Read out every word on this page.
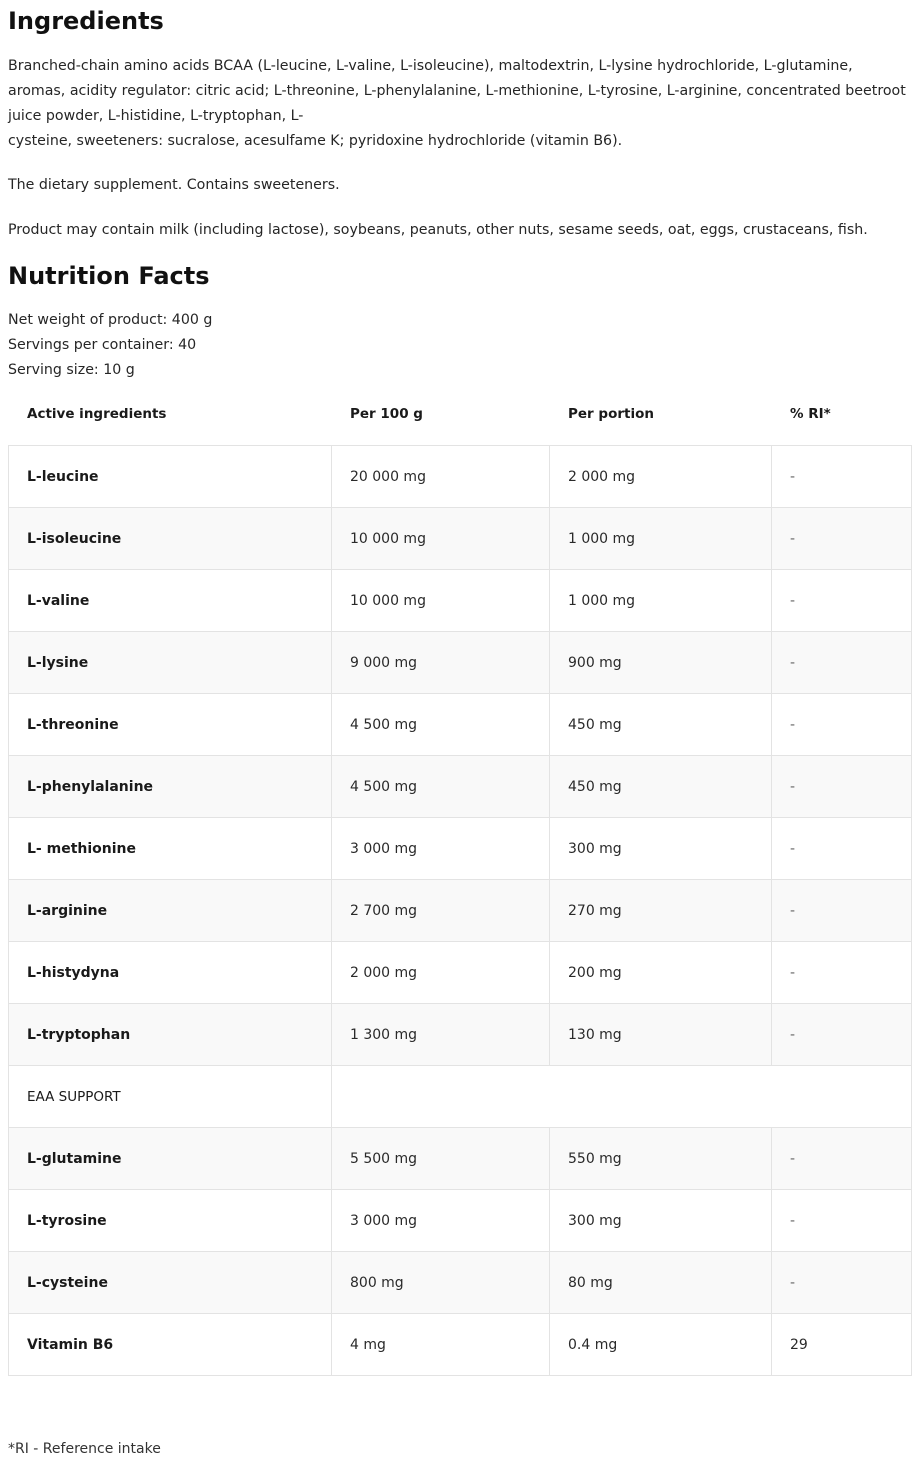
Ingredients

Branched-chain amino acids BCAA (L-leucine, L-valine, L-isoleucine), maltodextrin, L-lysine hydrochloride, L-glutamine, aromas, acidity regulator: citric acid; L-threonine, L-phenylalanine, L-methionine, L-tyrosine, L-arginine, concentrated beetroot juice powder, L-histidine, L-tryptophan, L-
cysteine, sweeteners: sucralose, acesulfame K; pyridoxine hydrochloride (vitamin B6).

The dietary supplement. Contains sweeteners.

Product may contain milk (including lactose), soybeans, peanuts, other nuts, sesame seeds, oat, eggs, crustaceans, fish.

Nutrition Facts

Net weight of product: 400 g

Servings per container: 40

Serving size: 10 g

Active ingredients	Per 100 g	Per portion	% RI*
L-leucine	20 000 mg	2 000 mg	-
L-isoleucine	10 000 mg	1 000 mg	-
L-valine	10 000 mg	1 000 mg	-
L-lysine	9 000 mg	900 mg	-
L-threonine	4 500 mg	450 mg	-
L-phenylalanine	4 500 mg	450 mg	-
L- methionine	3 000 mg	300 mg	-
L-arginine	2 700 mg	270 mg	-
L-histydyna	2 000 mg	200 mg	-
L-tryptophan	1 300 mg	130 mg	-
EAA SUPPORT			
L-glutamine	5 500 mg	550 mg	-
L-tyrosine	3 000 mg	300 mg	-
L-cysteine	800 mg	80 mg	-
Vitamin B6	4 mg	0.4 mg	29

*RI - Reference intake
